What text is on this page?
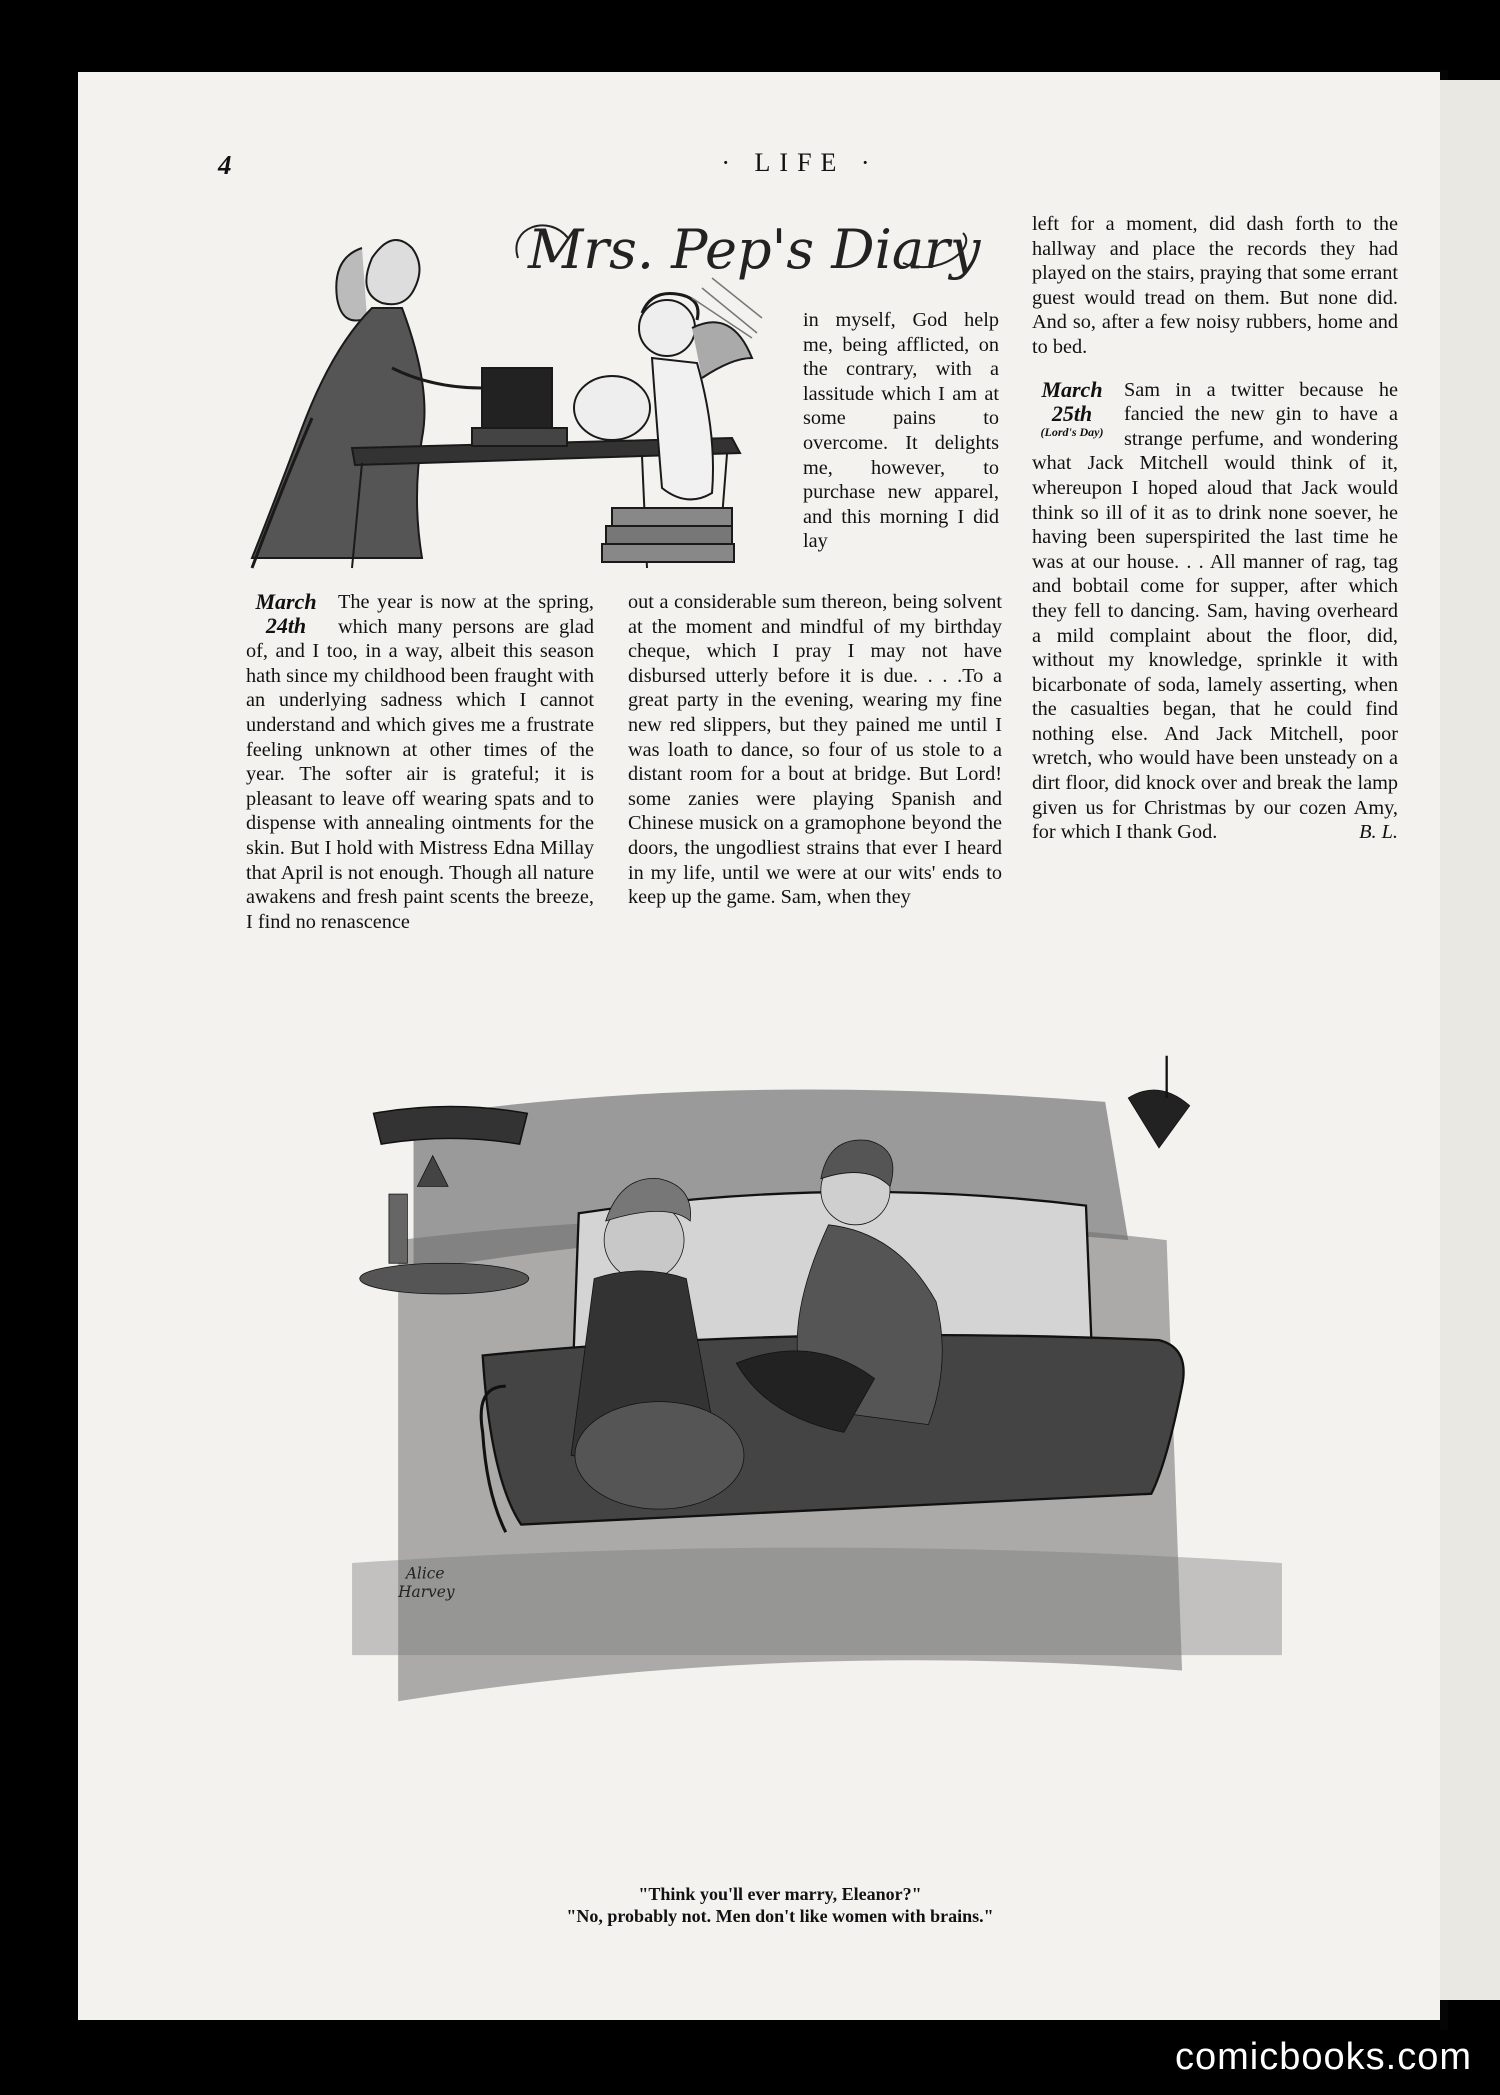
4	· LIFE ·
Mrs. Pep's Diary
March 24th

The year is now at the spring, which many persons are glad of, and I too, in a way, albeit this season hath since my childhood been fraught with an underlying sadness which I cannot understand and which gives me a frustrate feeling unknown at other times of the year. The softer air is grateful; it is pleasant to leave off wearing spats and to dispense with annealing ointments for the skin. But I hold with Mistress Edna Millay that April is not enough. Though all nature awakens and fresh paint scents the breeze, I find no renascence

in myself, God help me, being afflicted, on the contrary, with a lassitude which I am at some pains to overcome. It delights me, however, to purchase new apparel, and this morning I did lay

out a considerable sum thereon, being solvent at the moment and mindful of my birthday cheque, which I pray I may not have disbursed utterly before it is due. . . .To a great party in the evening, wearing my fine new red slippers, but they pained me until I was loath to dance, so four of us stole to a distant room for a bout at bridge. But Lord! some zanies were playing Spanish and Chinese musick on a gramophone beyond the doors, the ungodliest strains that ever I heard in my life, until we were at our wits' ends to keep up the game. Sam, when they

left for a moment, did dash forth to the hallway and place the records they had played on the stairs, praying that some errant guest would tread on them. But none did. And so, after a few noisy rubbers, home and to bed.

March 25th
(Lord's Day)

Sam in a twitter because he fancied the new gin to have a strange perfume, and wondering what Jack Mitchell would think of it, whereupon I hoped aloud that Jack would think so ill of it as to drink none soever, he having been superspirited the last time he was at our house. . . All manner of rag, tag and bobtail come for supper, after which they fell to dancing. Sam, having overheard a mild complaint about the floor, did, without my knowledge, sprinkle it with bicarbonate of soda, lamely asserting, when the casualties began, that he could find nothing else. And Jack Mitchell, poor wretch, who would have been unsteady on a dirt floor, did knock over and break the lamp given us for Christmas by our cozen Amy, for which I thank God.	B. L.

Alice
Harvey
"Think you'll ever marry, Eleanor?"
"No, probably not. Men don't like women with brains."
comicbooks.com
